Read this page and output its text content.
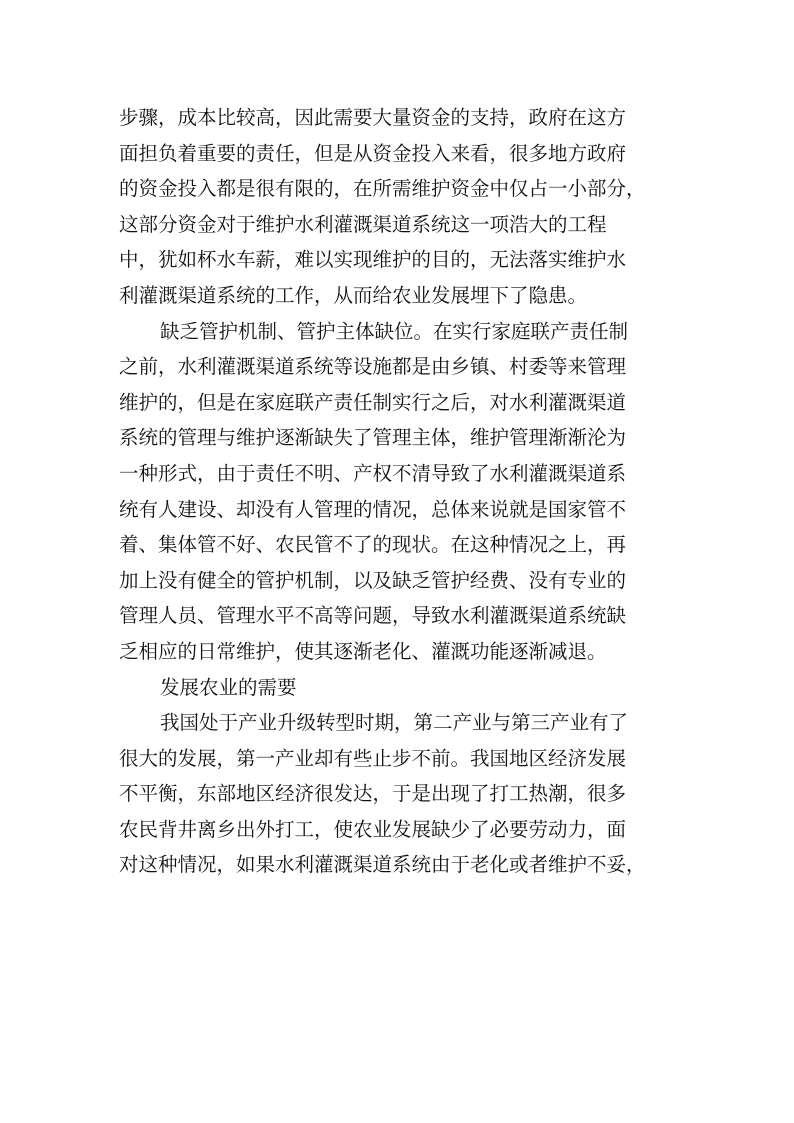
步骤，成本比较高，因此需要大量资金的支持，政府在这方
面担负着重要的责任，但是从资金投入来看，很多地方政府
的资金投入都是很有限的，在所需维护资金中仅占一小部分，
这部分资金对于维护水利灌溉渠道系统这一项浩大的工程
中，犹如杯水车薪，难以实现维护的目的，无法落实维护水
利灌溉渠道系统的工作，从而给农业发展埋下了隐患。
缺乏管护机制、管护主体缺位。在实行家庭联产责任制
之前，水利灌溉渠道系统等设施都是由乡镇、村委等来管理
维护的，但是在家庭联产责任制实行之后，对水利灌溉渠道
系统的管理与维护逐渐缺失了管理主体，维护管理渐渐沦为
一种形式，由于责任不明、产权不清导致了水利灌溉渠道系
统有人建设、却没有人管理的情况，总体来说就是国家管不
着、集体管不好、农民管不了的现状。在这种情况之上，再
加上没有健全的管护机制，以及缺乏管护经费、没有专业的
管理人员、管理水平不高等问题，导致水利灌溉渠道系统缺
乏相应的日常维护，使其逐渐老化、灌溉功能逐渐减退。
发展农业的需要
我国处于产业升级转型时期，第二产业与第三产业有了
很大的发展，第一产业却有些止步不前。我国地区经济发展
不平衡，东部地区经济很发达，于是出现了打工热潮，很多
农民背井离乡出外打工，使农业发展缺少了必要劳动力，面
对这种情况，如果水利灌溉渠道系统由于老化或者维护不妥，
